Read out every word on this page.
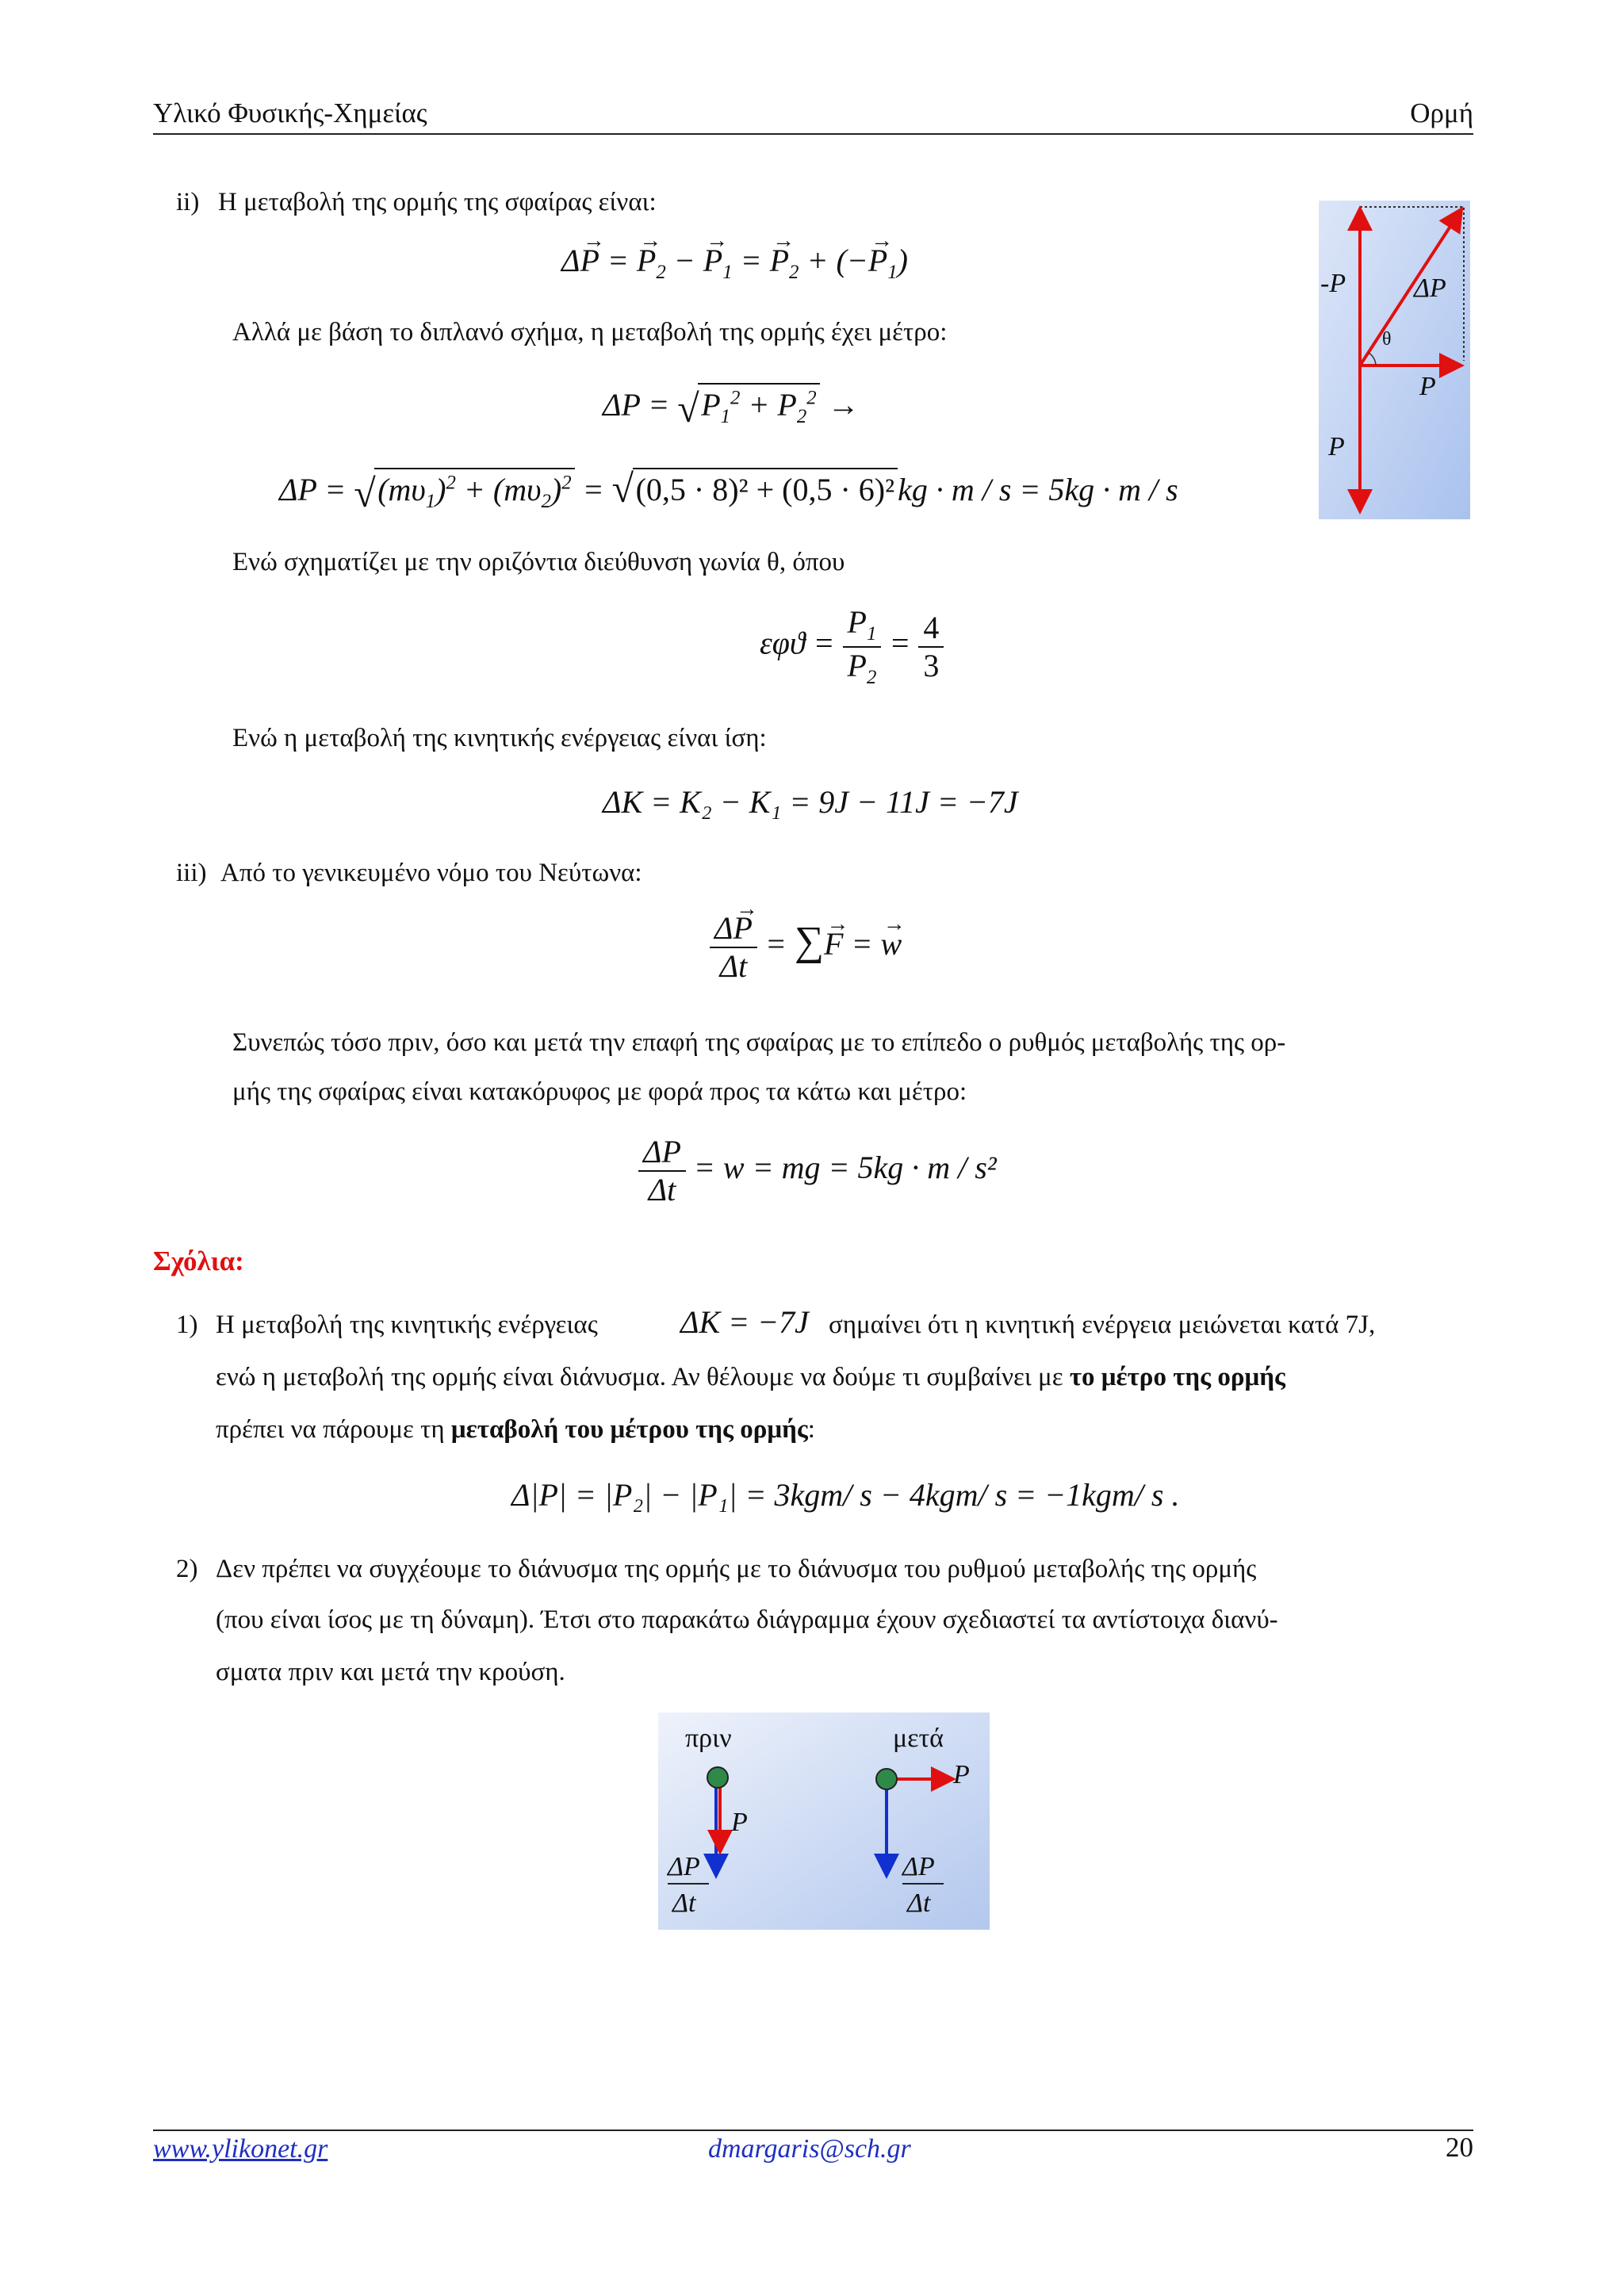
Υλικό Φυσικής-Χημείας	Ορμή
ii) Η μεταβολή της ορμής της σφαίρας είναι:
Δ→ P = → $P_2$ − → $P_1$ = → $P_2$ + (−→ $P_1$)
Αλλά με βάση το διπλανό σχήμα, η μεταβολή της ορμής έχει μέτρο:
ΔP = √ $P_1^2 + P_2^2$ →
ΔP = √ $(m\upsilon_1)^2 + (m\upsilon_2)^2$ = √ (0,5 · 8)² + (0,5 · 6)² kg · m / s = 5kg · m / s
Ενώ σχηματίζει με την οριζόντια διεύθυνση γωνία θ, όπου
$\varepsilon\varphi ϑ = \frac{P_1}{P_2} = \frac{4}{3}$
Ενώ η μεταβολή της κινητικής ενέργειας είναι ίση:
ΔK = K₂ − K₁ = 9J − 11J = −7J
iii) Από το γενικευμένο νόμο του Νεύτωνα:
$\frac{\Delta\to P}{\Delta t}$ = ∑→ F = → w
Συνεπώς τόσο πριν, όσο και μετά την επαφή της σφαίρας με το επίπεδο ο ρυθμός μεταβολής της ορ-
μής της σφαίρας είναι κατακόρυφος με φορά προς τα κάτω και μέτρο:
$\frac{\Delta P}{\Delta t} = w$ = mg = 5kg · m / s²
Σχόλια:
1) Η μεταβολή της κινητικής ενέργειας	ΔK = −7J σημαίνει ότι η κινητική ενέργεια μειώνεται κατά 7J,
ενώ η μεταβολή της ορμής είναι διάνυσμα. Αν θέλουμε να δούμε τι συμβαίνει με το μέτρο της ορμής
πρέπει να πάρουμε τη μεταβολή του μέτρου της ορμής:
Δ|P| = |P₂| − |P₁| = 3kgm/ s − 4kgm/ s = −1kgm/ s .
2) Δεν πρέπει να συγχέουμε το διάνυσμα της ορμής με το διάνυσμα του ρυθμού μεταβολής της ορμής
(που είναι ίσος με τη δύναμη). Έτσι στο παρακάτω διάγραμμα έχουν σχεδιαστεί τα αντίστοιχα διανύ-
σματα πριν και μετά την κρούση.
-P	ΔP
θ
P
P
πριν	μετά
P
P
ΔP
Δt
ΔP
Δt
www.ylikonet.gr	dmargaris@sch.gr	20
